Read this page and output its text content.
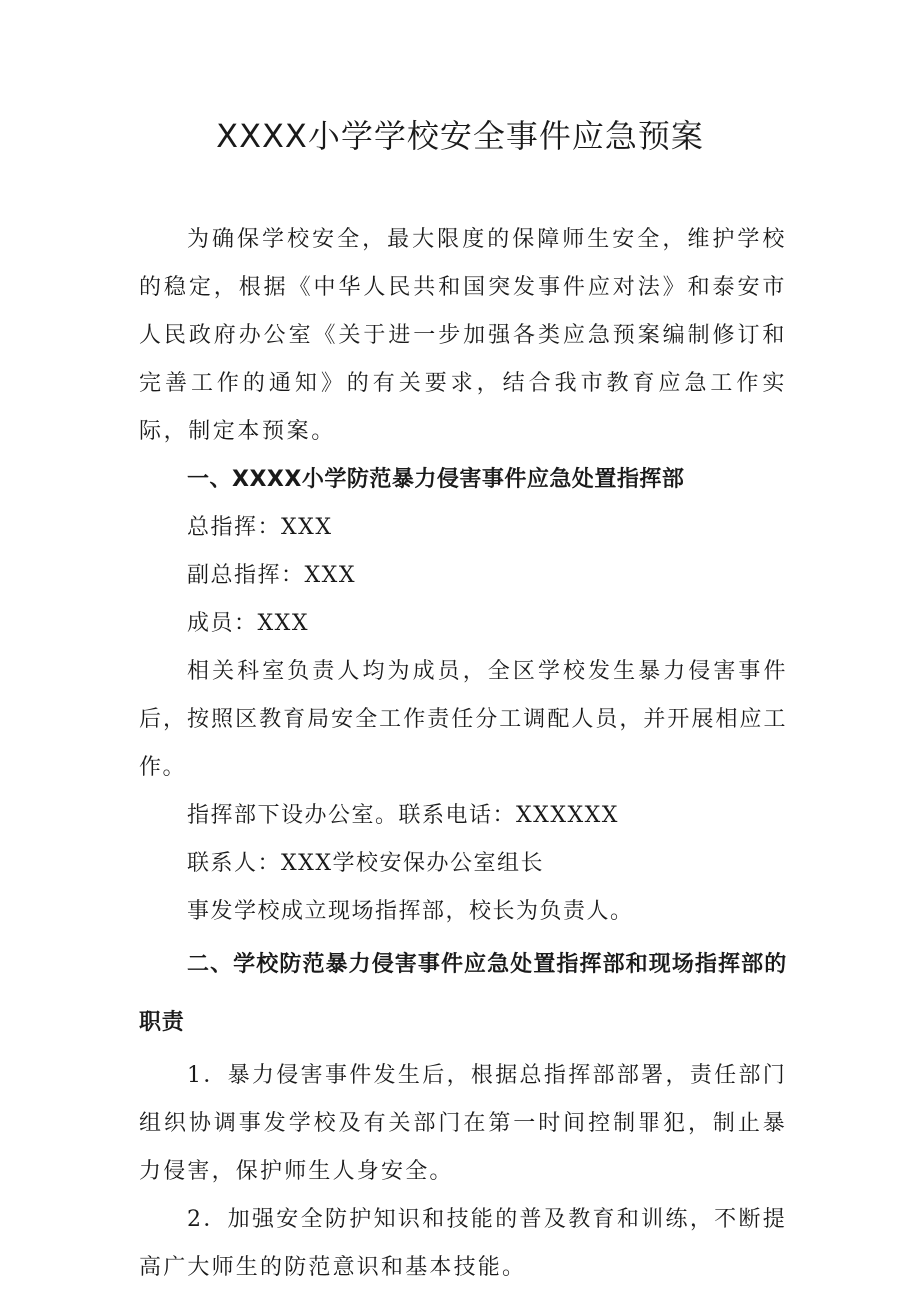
XXXX小学学校安全事件应急预案

为确保学校安全，最大限度的保障师生安全，维护学校的稳定，根据《中华人民共和国突发事件应对法》和泰安市人民政府办公室《关于进一步加强各类应急预案编制修订和完善工作的通知》的有关要求，结合我市教育应急工作实际，制定本预案。

一、XXXX小学防范暴力侵害事件应急处置指挥部

总指挥：XXX

副总指挥：XXX

成员：XXX

相关科室负责人均为成员，全区学校发生暴力侵害事件后，按照区教育局安全工作责任分工调配人员，并开展相应工作。

指挥部下设办公室。联系电话：XXXXXX

联系人：XXX学校安保办公室组长

事发学校成立现场指挥部，校长为负责人。

二、学校防范暴力侵害事件应急处置指挥部和现场指挥部的职责

1．暴力侵害事件发生后，根据总指挥部部署，责任部门组织协调事发学校及有关部门在第一时间控制罪犯，制止暴力侵害，保护师生人身安全。

2．加强安全防护知识和技能的普及教育和训练，不断提高广大师生的防范意识和基本技能。
